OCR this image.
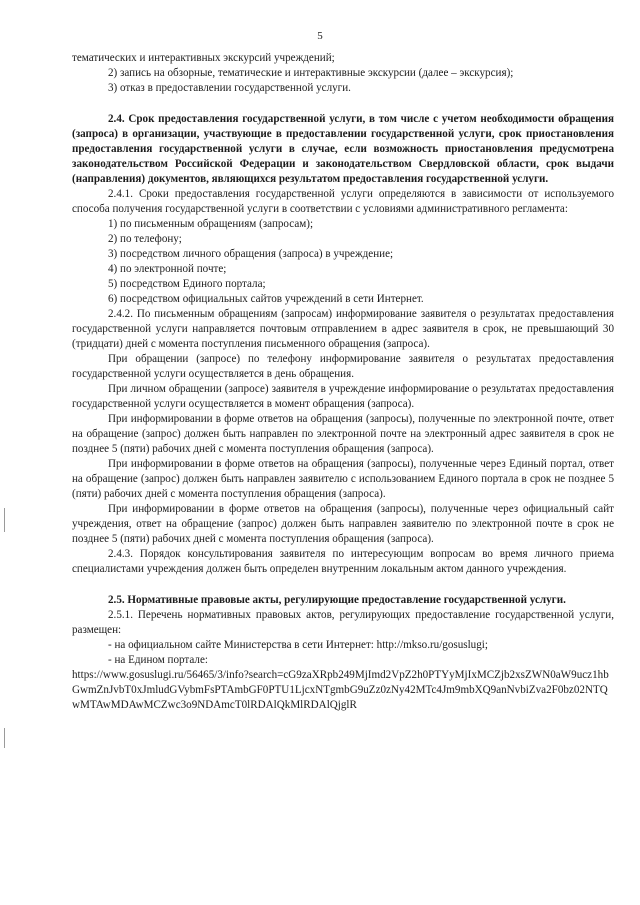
5

тематических и интерактивных экскурсий учреждений;

2) запись на обзорные, тематические и интерактивные экскурсии (далее – экскурсия);

3) отказ в предоставлении государственной услуги.

2.4. Срок предоставления государственной услуги, в том числе с учетом необходимости обращения (запроса) в организации, участвующие в предоставлении государственной услуги, срок приостановления предоставления государственной услуги в случае, если возможность приостановления предусмотрена законодательством Российской Федерации и законодательством Свердловской области, срок выдачи (направления) документов, являющихся результатом предоставления государственной услуги.

2.4.1. Сроки предоставления государственной услуги определяются в зависимости от используемого способа получения государственной услуги в соответствии с условиями административного регламента:

1) по письменным обращениям (запросам);

2) по телефону;

3) посредством личного обращения (запроса) в учреждение;

4) по электронной почте;

5) посредством Единого портала;

6) посредством официальных сайтов учреждений в сети Интернет.

2.4.2. По письменным обращениям (запросам) информирование заявителя о результатах предоставления государственной услуги направляется почтовым отправлением в адрес заявителя в срок, не превышающий 30 (тридцати) дней с момента поступления письменного обращения (запроса).

При обращении (запросе) по телефону информирование заявителя о результатах предоставления государственной услуги осуществляется в день обращения.

При личном обращении (запросе) заявителя в учреждение информирование о результатах предоставления государственной услуги осуществляется в момент обращения (запроса).

При информировании в форме ответов на обращения (запросы), полученные по электронной почте, ответ на обращение (запрос) должен быть направлен по электронной почте на электронный адрес заявителя в срок не позднее 5 (пяти) рабочих дней с момента поступления обращения (запроса).

При информировании в форме ответов на обращения (запросы), полученные через Единый портал, ответ на обращение (запрос) должен быть направлен заявителю с использованием Единого портала в срок не позднее 5 (пяти) рабочих дней с момента поступления обращения (запроса).

При информировании в форме ответов на обращения (запросы), полученные через официальный сайт учреждения, ответ на обращение (запрос) должен быть направлен заявителю по электронной почте в срок не позднее 5 (пяти) рабочих дней с момента поступления обращения (запроса).

2.4.3. Порядок консультирования заявителя по интересующим вопросам во время личного приема специалистами учреждения должен быть определен внутренним локальным актом данного учреждения.

2.5. Нормативные правовые акты, регулирующие предоставление государственной услуги.

2.5.1. Перечень нормативных правовых актов, регулирующих предоставление государственной услуги, размещен:

- на официальном сайте Министерства в сети Интернет: http://mkso.ru/gosuslugi;

- на Едином портале:

https://www.gosuslugi.ru/56465/3/info?search=cG9zaXRpb249MjImd2VpZ2h0PTYyMjIxMCZjb2xsZWN0aW9ucz1hbGwmZnJvbT0xJmludGVybmFsPTAmbGF0PTU1LjcxNTgmbG9uZz0zNy42MTc4Jm9mbXQ9anNvbiZva2F0bz02NTQwMTAwMDAwMCZwc3o9NDAmcT0lRDAlQkMlRDAlQjglR
